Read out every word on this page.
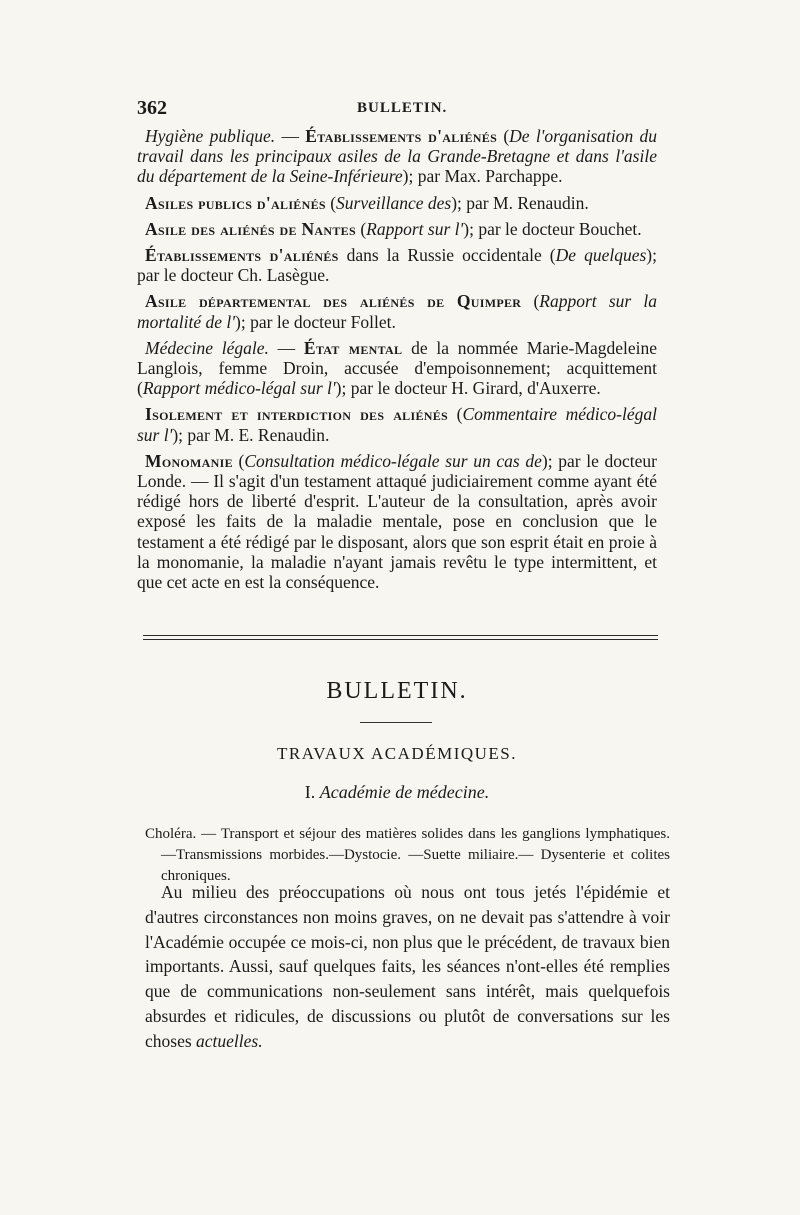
362	BULLETIN.

Hygiène publique. — Établissements d'aliénés (De l'organisation du travail dans les principaux asiles de la Grande-Bretagne et dans l'asile du département de la Seine-Inférieure); par Max. Parchappe.

Asiles publics d'aliénés (Surveillance des); par M. Renaudin.

Asile des aliénés de Nantes (Rapport sur l'); par le docteur Bouchet.

Établissements d'aliénés dans la Russie occidentale (De quelques); par le docteur Ch. Lasègue.

Asile départemental des aliénés de Quimper (Rapport sur la mortalité de l'); par le docteur Follet.

Médecine légale. — État mental de la nommée Marie-Magdeleine Langlois, femme Droin, accusée d'empoisonnement; acquittement (Rapport médico-légal sur l'); par le docteur H. Girard, d'Auxerre.

Isolement et interdiction des aliénés (Commentaire médico-légal sur l'); par M. E. Renaudin.

Monomanie (Consultation médico-légale sur un cas de); par le docteur Londe. — Il s'agit d'un testament attaqué judiciairement comme ayant été rédigé hors de liberté d'esprit. L'auteur de la consultation, après avoir exposé les faits de la maladie mentale, pose en conclusion que le testament a été rédigé par le disposant, alors que son esprit était en proie à la monomanie, la maladie n'ayant jamais revêtu le type intermittent, et que cet acte en est la conséquence.

BULLETIN.
TRAVAUX ACADÉMIQUES.
I. Académie de médecine.

Choléra. — Transport et séjour des matières solides dans les ganglions lymphatiques.—Transmissions morbides.—Dystocie. —Suette miliaire.— Dysenterie et colites chroniques.

Au milieu des préoccupations où nous ont tous jetés l'épidémie et d'autres circonstances non moins graves, on ne devait pas s'attendre à voir l'Académie occupée ce mois-ci, non plus que le précédent, de travaux bien importants. Aussi, sauf quelques faits, les séances n'ont-elles été remplies que de communications non-seulement sans intérêt, mais quelquefois absurdes et ridicules, de discussions ou plutôt de conversations sur les choses actuelles.
